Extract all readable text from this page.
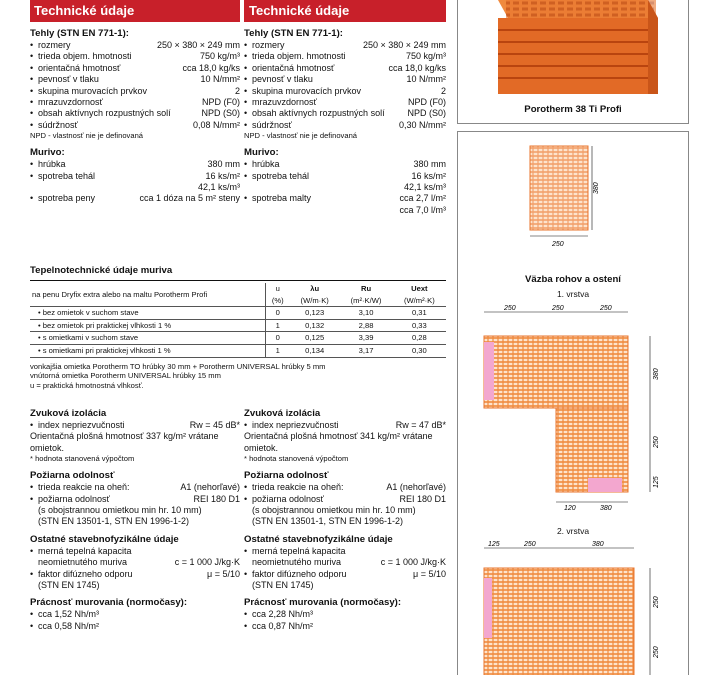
Technické údaje
Tehly (STN EN 771-1):
• rozmery	250 × 380 × 249 mm
• trieda objem. hmotnosti	750 kg/m³
• orientačná hmotnosť	cca 18,0 kg/ks
• pevnosť v tlaku	10 N/mm²
• skupina murovacích prvkov	2
• mrazuvzdornosť	NPD (F0)
• obsah aktívnych rozpustných solí	NPD (S0)
• súdržnosť	0,08 N/mm²
NPD - vlastnosť nie je definovaná
Murivo:
• hrúbka	380 mm
• spotreba tehál	16 ks/m²
42,1 ks/m³
• spotreba peny	cca 1 dóza na 5 m² steny
Technické údaje
Tehly (STN EN 771-1):
• rozmery	250 × 380 × 249 mm
• trieda objem. hmotnosti	750 kg/m³
• orientačná hmotnosť	cca 18,0 kg/ks
• pevnosť v tlaku	10 N/mm²
• skupina murovacích prvkov	2
• mrazuvzdornosť	NPD (F0)
• obsah aktívnych rozpustných solí	NPD (S0)
• súdržnosť	0,30 N/mm²
NPD - vlastnosť nie je definovaná
Murivo:
• hrúbka	380 mm
• spotreba tehál	16 ks/m²
42,1 ks/m³
• spotreba malty	cca 2,7 l/m²
cca 7,0 l/m³
Tepelnotechnické údaje muriva
na penu Dryfix extra alebo na maltu Porotherm Profi	u	λu	Ru	Uext
	(%)	(W/m·K)	(m²·K/W)	(W/m²·K)
• bez omietok v suchom stave	0	0,123	3,10	0,31
• bez omietok pri praktickej vlhkosti 1 %	1	0,132	2,88	0,33
• s omietkami v suchom stave	0	0,125	3,39	0,28
• s omietkami pri praktickej vlhkosti 1 %	1	0,134	3,17	0,30
vonkajšia omietka Porotherm TO hrúbky 30 mm + Porotherm UNIVERSAL hrúbky 5 mm
vnútorná omietka Porotherm UNIVERSAL hrúbky 15 mm
u = praktická hmotnostná vlhkosť.
Zvuková izolácia
• index nepriezvučnosti	Rw = 45 dB*
Orientačná plošná hmotnosť 337 kg/m² vrátane omietok.
* hodnota stanovená výpočtom
Požiarna odolnosť
• trieda reakcie na oheň:	A1 (nehorľavé)
• požiarna odolnosť	REI 180 D1
(s obojstrannou omietkou min hr. 10 mm)
(STN EN 13501-1, STN EN 1996-1-2)
Ostatné stavebnofyzikálne údaje
• merná tepelná kapacita
neomietnutého muriva	c = 1 000 J/kg·K
• faktor difúzneho odporu	μ = 5/10
(STN EN 1745)
Prácnosť murovania (normočasy):
• cca 1,52 Nh/m³
• cca 0,58 Nh/m²
Zvuková izolácia
• index nepriezvučnosti	Rw = 47 dB*
Orientačná plošná hmotnosť 341 kg/m² vrátane omietok.
* hodnota stanovená výpočtom
Požiarna odolnosť
• trieda reakcie na oheň:	A1 (nehorľavé)
• požiarna odolnosť	REI 180 D1
(s obojstrannou omietkou min hr. 10 mm)
(STN EN 13501-1, STN EN 1996-1-2)
Ostatné stavebnofyzikálne údaje
• merná tepelná kapacita
neomietnutého muriva	c = 1 000 J/kg·K
• faktor difúzneho odporu	μ = 5/10
(STN EN 1745)
Prácnosť murovania (normočasy):
• cca 2,28 Nh/m³
• cca 0,87 Nh/m²
Porotherm 38 Ti Profi
380
250
Väzba rohov a ostení
1. vrstva
250	250	250
380
250
125
120	380
2. vrstva
125	250	380
250
250
